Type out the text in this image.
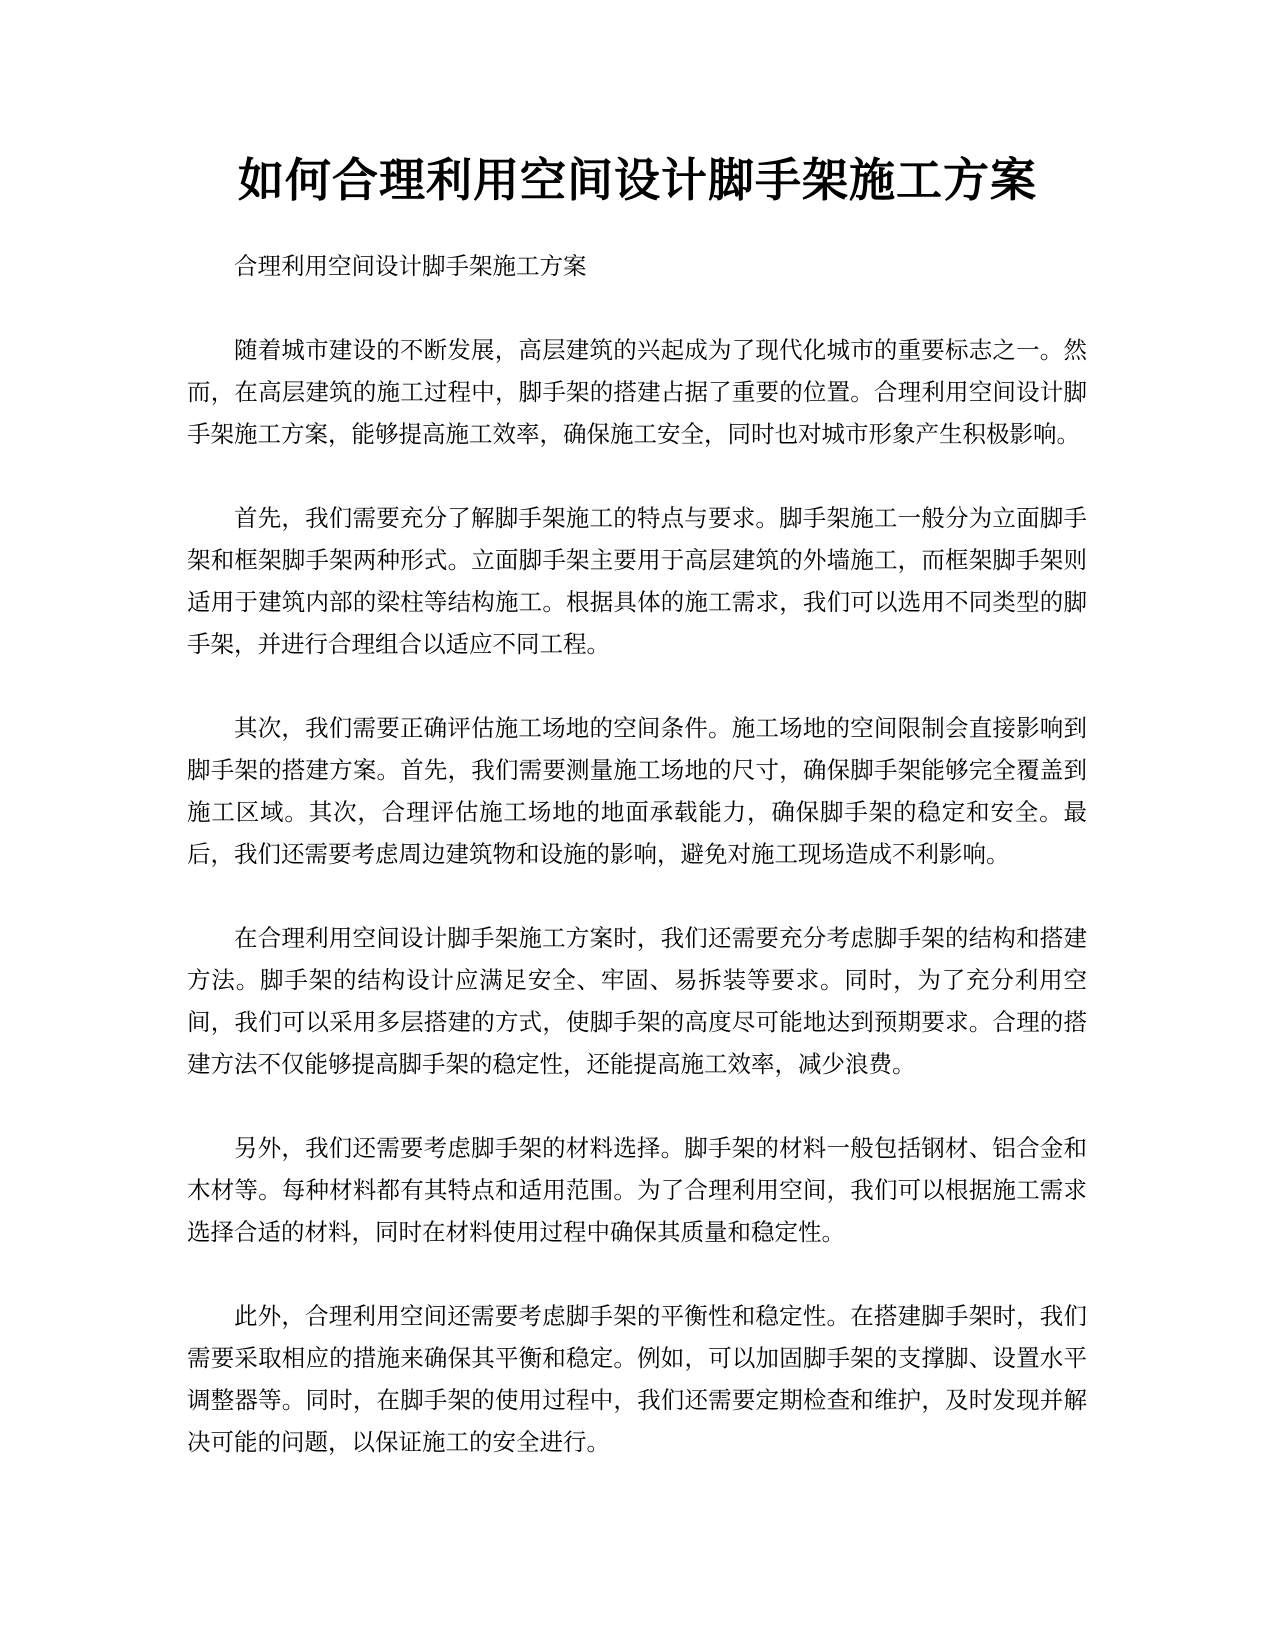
如何合理利用空间设计脚手架施工方案

合理利用空间设计脚手架施工方案

随着城市建设的不断发展，高层建筑的兴起成为了现代化城市的重要标志之一。然而，在高层建筑的施工过程中，脚手架的搭建占据了重要的位置。合理利用空间设计脚手架施工方案，能够提高施工效率，确保施工安全，同时也对城市形象产生积极影响。

首先，我们需要充分了解脚手架施工的特点与要求。脚手架施工一般分为立面脚手架和框架脚手架两种形式。立面脚手架主要用于高层建筑的外墙施工，而框架脚手架则适用于建筑内部的梁柱等结构施工。根据具体的施工需求，我们可以选用不同类型的脚手架，并进行合理组合以适应不同工程。

其次，我们需要正确评估施工场地的空间条件。施工场地的空间限制会直接影响到脚手架的搭建方案。首先，我们需要测量施工场地的尺寸，确保脚手架能够完全覆盖到施工区域。其次，合理评估施工场地的地面承载能力，确保脚手架的稳定和安全。最后，我们还需要考虑周边建筑物和设施的影响，避免对施工现场造成不利影响。

在合理利用空间设计脚手架施工方案时，我们还需要充分考虑脚手架的结构和搭建方法。脚手架的结构设计应满足安全、牢固、易拆装等要求。同时，为了充分利用空间，我们可以采用多层搭建的方式，使脚手架的高度尽可能地达到预期要求。合理的搭建方法不仅能够提高脚手架的稳定性，还能提高施工效率，减少浪费。

另外，我们还需要考虑脚手架的材料选择。脚手架的材料一般包括钢材、铝合金和木材等。每种材料都有其特点和适用范围。为了合理利用空间，我们可以根据施工需求选择合适的材料，同时在材料使用过程中确保其质量和稳定性。

此外，合理利用空间还需要考虑脚手架的平衡性和稳定性。在搭建脚手架时，我们需要采取相应的措施来确保其平衡和稳定。例如，可以加固脚手架的支撑脚、设置水平调整器等。同时，在脚手架的使用过程中，我们还需要定期检查和维护，及时发现并解决可能的问题，以保证施工的安全进行。
